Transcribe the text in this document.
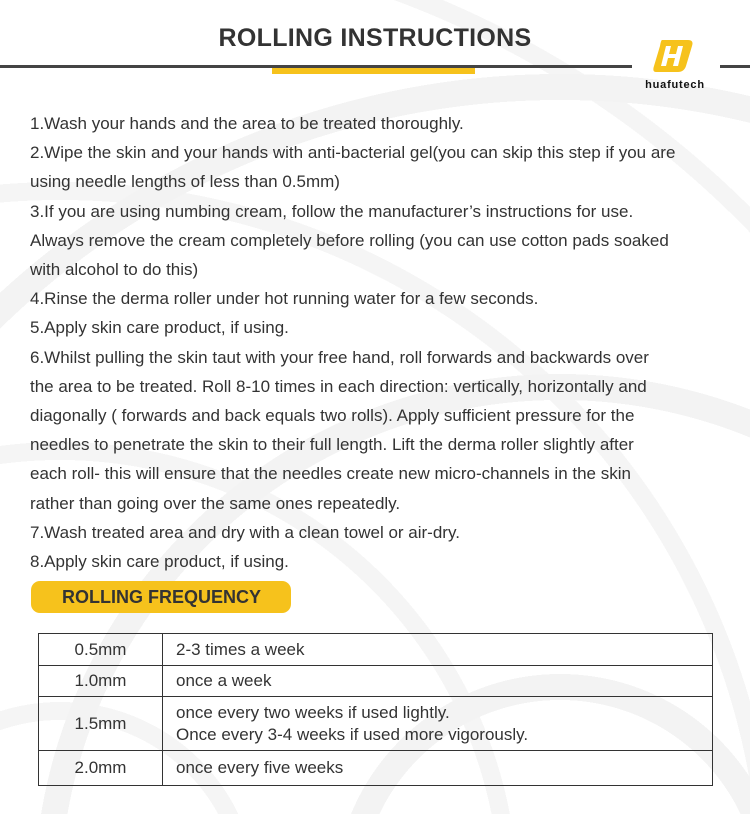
ROLLING INSTRUCTIONS
huafutech
1.Wash your hands and the area to be treated thoroughly.
2.Wipe the skin and your hands with anti-bacterial gel(you can skip this step if you are
using needle lengths of less than 0.5mm)
3.If you are using numbing cream, follow the manufacturer’s instructions for use.
Always remove the cream completely before rolling (you can use cotton pads soaked
with alcohol to do this)
4.Rinse the derma roller under hot running water for a few seconds.
5.Apply skin care product, if using.
6.Whilst pulling the skin taut with your free hand, roll forwards and backwards over
the area to be treated. Roll 8-10 times in each direction: vertically, horizontally and
diagonally ( forwards and back equals two rolls). Apply sufficient pressure for the
needles to penetrate the skin to their full length. Lift the derma roller slightly after
each roll- this will ensure that the needles create new micro-channels in the skin
rather than going over the same ones repeatedly.
7.Wash treated area and dry with a clean towel or air-dry.
8.Apply skin care product, if using.
ROLLING FREQUENCY
0.5mm	2-3 times a week

1.0mm	once a week

1.5mm	once every two weeks if used lightly.
Once every 3-4 weeks if used more vigorously.

2.0mm	once every five weeks
